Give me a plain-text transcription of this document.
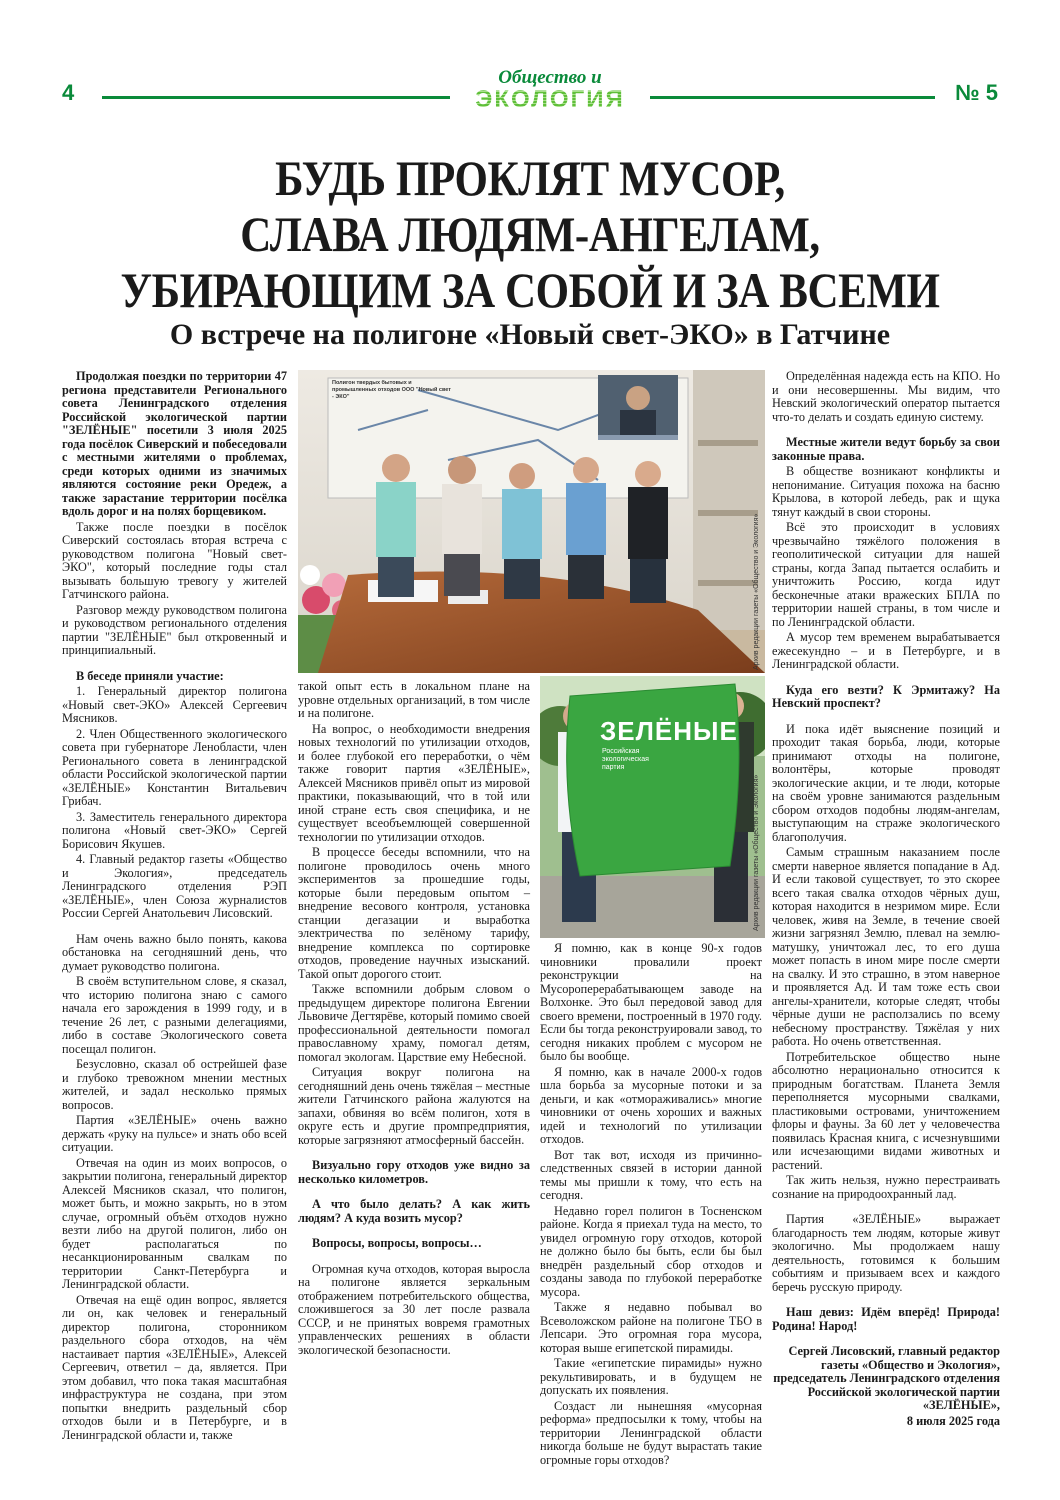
4
Общество и
ЭКОЛОГИЯ	№ 5
БУДЬ ПРОКЛЯТ МУСОР,
СЛАВА ЛЮДЯМ-АНГЕЛАМ,
УБИРАЮЩИМ ЗА СОБОЙ И ЗА ВСЕМИ
О встрече на полигоне «Новый свет-ЭКО» в Гатчине
Полигон твердых бытовых и промышленных отходов ООО "Новый свет - ЭКО"
Архив редакции газеты «Общество и Экология»
ЗЕЛЁНЫЕ
Российская
экологическая
партия
Архив редакции газеты «Общество и Экология»

Продолжая поездки по территории 47 региона представители Регионального совета Ленинградского отделения Российской экологической партии "ЗЕЛЁНЫЕ" посетили 3 июля 2025 года посёлок Сиверский и побеседовали с местными жителями о проблемах, среди которых одними из значимых являются состояние реки Оредеж, а также зарастание территории посёлка вдоль дорог и на полях борщевиком.

Также после поездки в посёлок Сиверский состоялась вторая встреча с руководством полигона "Новый свет-ЭКО", который последние годы стал вызывать большую тревогу у жителей Гатчинского района.

Разговор между руководством полигона и руководством регионального отделения партии "ЗЕЛЁНЫЕ" был откровенный и принципиальный.

В беседе приняли участие:

1. Генеральный директор полигона «Новый свет-ЭКО» Алексей Сергеевич Мясников.

2. Член Общественного экологического совета при губернаторе Ленобласти, член Регионального совета в ленинградской области Российской экологической партии «ЗЕЛЁНЫЕ» Константин Витальевич Грибач.

3. Заместитель генерального директора полигона «Новый свет-ЭКО» Сергей Борисович Якушев.

4. Главный редактор газеты «Общество и Экология», председатель Ленинградского отделения РЭП «ЗЕЛЁНЫЕ», член Союза журналистов России Сергей Анатольевич Лисовский.

Нам очень важно было понять, какова обстановка на сегодняшний день, что думает руководство полигона.

В своём вступительном слове, я сказал, что историю полигона знаю с самого начала его зарождения в 1999 году, и в течение 26 лет, с разными делегациями, либо в составе Экологического совета посещал полигон.

Безусловно, сказал об острейшей фазе и глубоко тревожном мнении местных жителей, и задал несколько прямых вопросов.

Партия «ЗЕЛЁНЫЕ» очень важно держать «руку на пульсе» и знать обо всей ситуации.

Отвечая на один из моих вопросов, о закрытии полигона, генеральный директор Алексей Мясников сказал, что полигон, может быть, и можно закрыть, но в этом случае, огромный объём отходов нужно везти либо на другой полигон, либо он будет располагаться по несанкционированным свалкам по территории Санкт-Петербурга и Ленинградской области.

Отвечая на ещё один вопрос, является ли он, как человек и генеральный директор полигона, сторонником раздельного сбора отходов, на чём настаивает партия «ЗЕЛЁНЫЕ», Алексей Сергеевич, ответил – да, является. При этом добавил, что пока такая масштабная инфраструктура не создана, при этом попытки внедрить раздельный сбор отходов были и в Петербурге, и в Ленинградской области и, также

такой опыт есть в локальном плане на уровне отдельных организаций, в том числе и на полигоне.

На вопрос, о необходимости внедрения новых технологий по утилизации отходов, и более глубокой его переработки, о чём также говорит партия «ЗЕЛЁНЫЕ», Алексей Мясников привёл опыт из мировой практики, показывающий, что в той или иной стране есть своя специфика, и не существует всеобъемлющей совершенной технологии по утилизации отходов.

В процессе беседы вспомнили, что на полигоне проводилось очень много экспериментов за прошедшие годы, которые были передовым опытом – внедрение весового контроля, установка станции дегазации и выработка электричества по зелёному тарифу, внедрение комплекса по сортировке отходов, проведение научных изысканий. Такой опыт дорогого стоит.

Также вспомнили добрым словом о предыдущем директоре полигона Евгении Львовиче Дегтярёве, который помимо своей профессиональной деятельности помогал православному храму, помогал детям, помогал экологам. Царствие ему Небесной.

Ситуация вокруг полигона на сегодняшний день очень тяжёлая – местные жители Гатчинского района жалуются на запахи, обвиняя во всём полигон, хотя в округе есть и другие промпредприятия, которые загрязняют атмосферный бассейн.

Визуально гору отходов уже видно за несколько километров.

А что было делать? А как жить людям? А куда возить мусор?

Вопросы, вопросы, вопросы…

Огромная куча отходов, которая выросла на полигоне является зеркальным отображением потребительского общества, сложившегося за 30 лет после развала СССР, и не принятых вовремя грамотных управленческих решениях в области экологической безопасности.

Я помню, как в конце 90-х годов чиновники провалили проект реконструкции на Мусороперерабатывающем заводе на Волхонке. Это был передовой завод для своего времени, построенный в 1970 году. Если бы тогда реконструировали завод, то сегодня никаких проблем с мусором не было бы вообще.

Я помню, как в начале 2000-х годов шла борьба за мусорные потоки и за деньги, и как «отмораживались» многие чиновники от очень хороших и важных идей и технологий по утилизации отходов.

Вот так вот, исходя из причинно-следственных связей в истории данной темы мы пришли к тому, что есть на сегодня.

Недавно горел полигон в Тосненском районе. Когда я приехал туда на место, то увидел огромную гору отходов, которой не должно было бы быть, если бы был внедрён раздельный сбор отходов и созданы завода по глубокой переработке мусора.

Также я недавно побывал во Всеволожском районе на полигоне ТБО в Лепсари. Это огромная гора мусора, которая выше египетской пирамиды.

Такие «египетские пирамиды» нужно рекультивировать, и в будущем не допускать их появления.

Создаст ли нынешняя «мусорная реформа» предпосылки к тому, чтобы на территории Ленинградской области никогда больше не будут вырастать такие огромные горы отходов?

Определённая надежда есть на КПО. Но и они несовершенны. Мы видим, что Невский экологический оператор пытается что-то делать и создать единую систему.

Местные жители ведут борьбу за свои законные права.

В обществе возникают конфликты и непонимание. Ситуация похожа на басню Крылова, в которой лебедь, рак и щука тянут каждый в свои стороны.

Всё это происходит в условиях чрезвычайно тяжёлого положения в геополитической ситуации для нашей страны, когда Запад пытается ослабить и уничтожить Россию, когда идут бесконечные атаки вражеских БПЛА по территории нашей страны, в том числе и по Ленинградской области.

А мусор тем временем вырабатывается ежесекундно – и в Петербурге, и в Ленинградской области.

Куда его везти? К Эрмитажу? На Невский проспект?

И пока идёт выяснение позиций и проходит такая борьба, люди, которые принимают отходы на полигоне, волонтёры, которые проводят экологические акции, и те люди, которые на своём уровне занимаются раздельным сбором отходов подобны людям-ангелам, выступающим на страже экологического благополучия.

Самым страшным наказанием после смерти наверное является попадание в Ад. И если таковой существует, то это скорее всего такая свалка отходов чёрных душ, которая находится в незримом мире. Если человек, живя на Земле, в течение своей жизни загрязнял Землю, плевал на землю-матушку, уничтожал лес, то его душа может попасть в ином мире после смерти на свалку. И это страшно, в этом наверное и проявляется Ад. И там тоже есть свои ангелы-хранители, которые следят, чтобы чёрные души не расползались по всему небесному пространству. Тяжёлая у них работа. Но очень ответственная.

Потребительское общество ныне абсолютно нерационально относится к природным богатствам. Планета Земля переполняется мусорными свалками, пластиковыми островами, уничтожением флоры и фауны. За 60 лет у человечества появилась Красная книга, с исчезнувшими или исчезающими видами животных и растений.

Так жить нельзя, нужно перестраивать сознание на природоохранный лад.

Партия «ЗЕЛЁНЫЕ» выражает благодарность тем людям, которые живут экологично. Мы продолжаем нашу деятельность, готовимся к большим событиям и призываем всех и каждого беречь русскую природу.

Наш девиз: Идём вперёд! Природа! Родина! Народ!

Сергей Лисовский, главный редактор газеты «Общество и Экология», председатель Ленинградского отделения Российской экологической партии «ЗЕЛЁНЫЕ»,

8 июля 2025 года
